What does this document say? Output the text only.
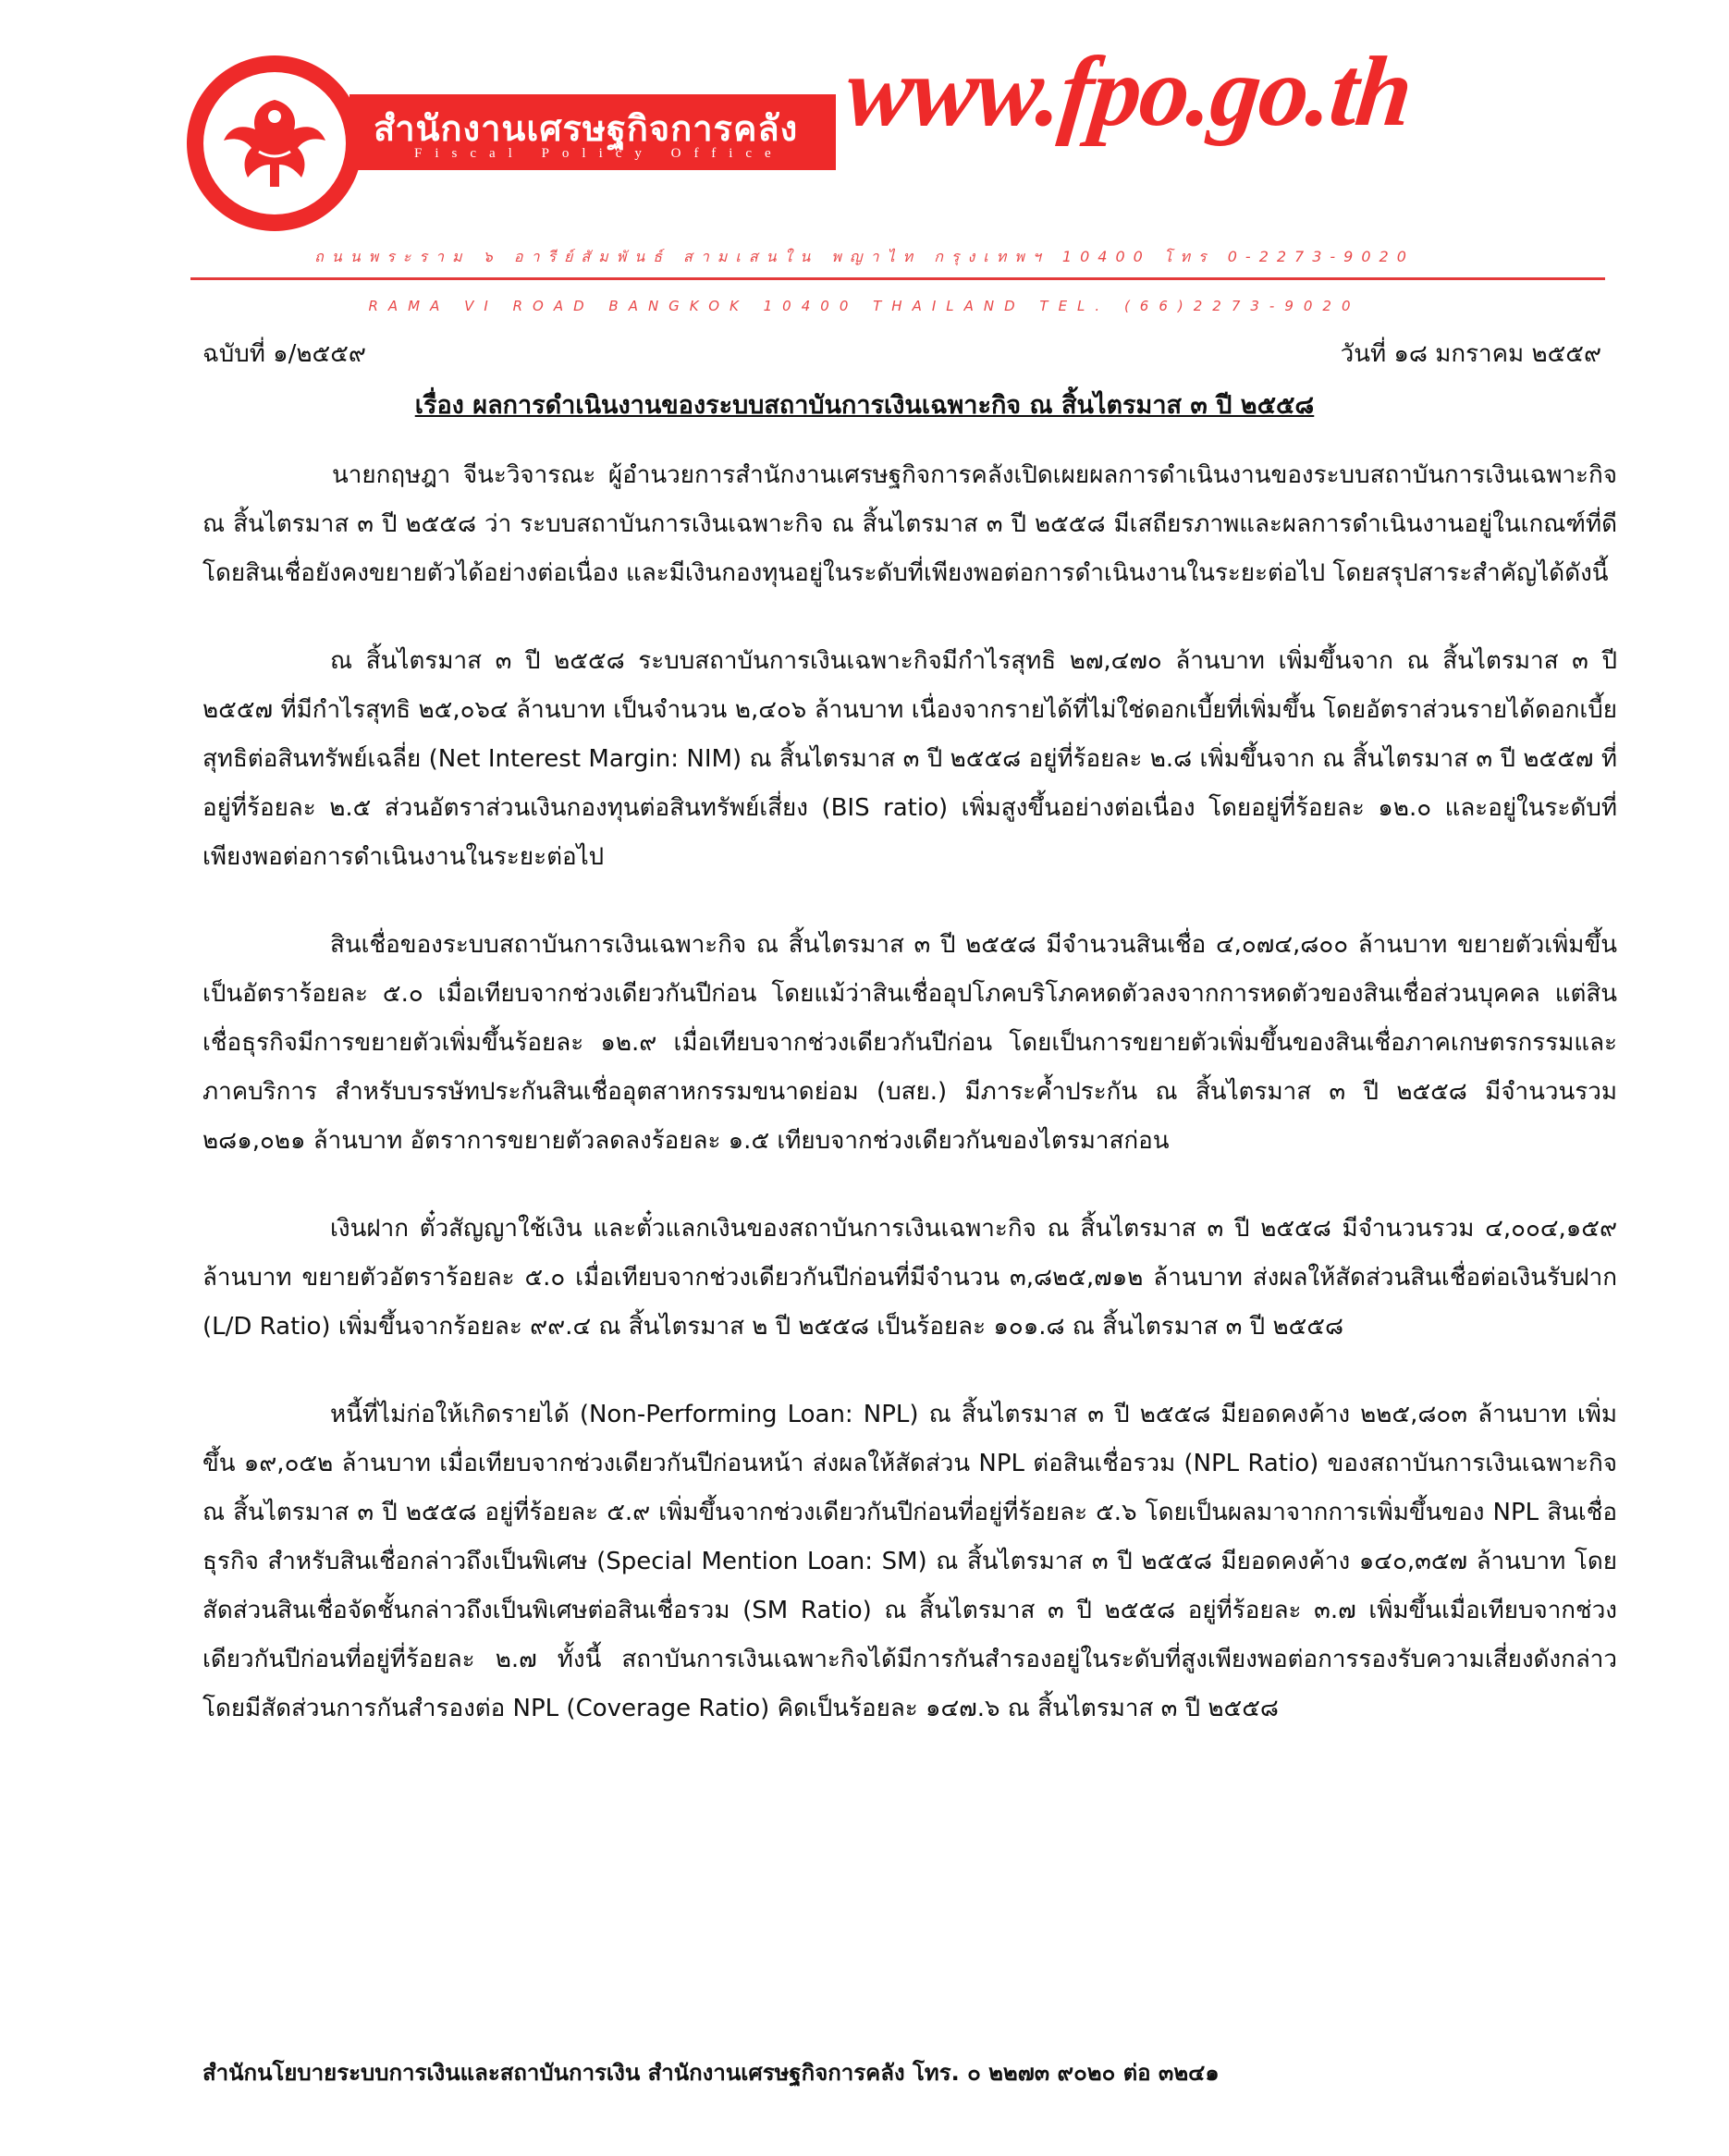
สำนักงานเศรษฐกิจการคลัง
Fiscal Policy Office
www.fpo.go.th
ถนนพระราม ๖ อารีย์สัมพันธ์ สามเสนใน พญาไท กรุงเทพฯ 10400 โทร 0-2273-9020
RAMA VI ROAD BANGKOK 10400 THAILAND TEL. (66)2273-9020
ฉบับที่ ๑/๒๕๕๙	วันที่ ๑๘ มกราคม ๒๕๕๙
เรื่อง ผลการดำเนินงานของระบบสถาบันการเงินเฉพาะกิจ ณ สิ้นไตรมาส ๓ ปี ๒๕๕๘

นายกฤษฎา จีนะวิจารณะ ผู้อำนวยการสำนักงานเศรษฐกิจการคลังเปิดเผยผลการดำเนินงานของระบบสถาบันการเงินเฉพาะกิจ ณ สิ้นไตรมาส ๓ ปี ๒๕๕๘ ว่า ระบบสถาบันการเงินเฉพาะกิจ ณ สิ้นไตรมาส ๓ ปี ๒๕๕๘ มีเสถียรภาพและผลการดำเนินงานอยู่ในเกณฑ์ที่ดี โดยสินเชื่อยังคงขยายตัวได้อย่างต่อเนื่อง และมีเงินกองทุนอยู่ในระดับที่เพียงพอต่อการดำเนินงานในระยะต่อไป โดยสรุปสาระสำคัญได้ดังนี้

ณ สิ้นไตรมาส ๓ ปี ๒๕๕๘ ระบบสถาบันการเงินเฉพาะกิจมีกำไรสุทธิ ๒๗,๔๗๐ ล้านบาท เพิ่มขึ้นจาก ณ สิ้นไตรมาส ๓ ปี ๒๕๕๗ ที่มีกำไรสุทธิ ๒๕,๐๖๔ ล้านบาท เป็นจำนวน ๒,๔๐๖ ล้านบาท เนื่องจากรายได้ที่ไม่ใช่ดอกเบี้ยที่เพิ่มขึ้น โดยอัตราส่วนรายได้ดอกเบี้ยสุทธิต่อสินทรัพย์เฉลี่ย (Net Interest Margin: NIM) ณ สิ้นไตรมาส ๓ ปี ๒๕๕๘ อยู่ที่ร้อยละ ๒.๘ เพิ่มขึ้นจาก ณ สิ้นไตรมาส ๓ ปี ๒๕๕๗ ที่อยู่ที่ร้อยละ ๒.๕ ส่วนอัตราส่วนเงินกองทุนต่อสินทรัพย์เสี่ยง (BIS ratio) เพิ่มสูงขึ้นอย่างต่อเนื่อง โดยอยู่ที่ร้อยละ ๑๒.๐ และอยู่ในระดับที่เพียงพอต่อการดำเนินงานในระยะต่อไป

สินเชื่อของระบบสถาบันการเงินเฉพาะกิจ ณ สิ้นไตรมาส ๓ ปี ๒๕๕๘ มีจำนวนสินเชื่อ ๔,๐๗๔,๘๐๐ ล้านบาท ขยายตัวเพิ่มขึ้นเป็นอัตราร้อยละ ๕.๐ เมื่อเทียบจากช่วงเดียวกันปีก่อน โดยแม้ว่าสินเชื่ออุปโภคบริโภคหดตัวลงจากการหดตัวของสินเชื่อส่วนบุคคล แต่สินเชื่อธุรกิจมีการขยายตัวเพิ่มขึ้นร้อยละ ๑๒.๙ เมื่อเทียบจากช่วงเดียวกันปีก่อน โดยเป็นการขยายตัวเพิ่มขึ้นของสินเชื่อภาคเกษตรกรรมและภาคบริการ สำหรับบรรษัทประกันสินเชื่ออุตสาหกรรมขนาดย่อม (บสย.) มีภาระค้ำประกัน ณ สิ้นไตรมาส ๓ ปี ๒๕๕๘ มีจำนวนรวม ๒๘๑,๐๒๑ ล้านบาท อัตราการขยายตัวลดลงร้อยละ ๑.๕ เทียบจากช่วงเดียวกันของไตรมาสก่อน

เงินฝาก ตั๋วสัญญาใช้เงิน และตั๋วแลกเงินของสถาบันการเงินเฉพาะกิจ ณ สิ้นไตรมาส ๓ ปี ๒๕๕๘ มีจำนวนรวม ๔,๐๐๔,๑๕๙ ล้านบาท ขยายตัวอัตราร้อยละ ๕.๐ เมื่อเทียบจากช่วงเดียวกันปีก่อนที่มีจำนวน ๓,๘๒๕,๗๑๒ ล้านบาท ส่งผลให้สัดส่วนสินเชื่อต่อเงินรับฝาก (L/D Ratio) เพิ่มขึ้นจากร้อยละ ๙๙.๔ ณ สิ้นไตรมาส ๒ ปี ๒๕๕๘ เป็นร้อยละ ๑๐๑.๘ ณ สิ้นไตรมาส ๓ ปี ๒๕๕๘

หนี้ที่ไม่ก่อให้เกิดรายได้ (Non-Performing Loan: NPL) ณ สิ้นไตรมาส ๓ ปี ๒๕๕๘ มียอดคงค้าง ๒๒๕,๘๐๓ ล้านบาท เพิ่มขึ้น ๑๙,๐๕๒ ล้านบาท เมื่อเทียบจากช่วงเดียวกันปีก่อนหน้า ส่งผลให้สัดส่วน NPL ต่อสินเชื่อรวม (NPL Ratio) ของสถาบันการเงินเฉพาะกิจ ณ สิ้นไตรมาส ๓ ปี ๒๕๕๘ อยู่ที่ร้อยละ ๕.๙ เพิ่มขึ้นจากช่วงเดียวกันปีก่อนที่อยู่ที่ร้อยละ ๕.๖ โดยเป็นผลมาจากการเพิ่มขึ้นของ NPL สินเชื่อธุรกิจ สำหรับสินเชื่อกล่าวถึงเป็นพิเศษ (Special Mention Loan: SM) ณ สิ้นไตรมาส ๓ ปี ๒๕๕๘ มียอดคงค้าง ๑๔๐,๓๕๗ ล้านบาท โดยสัดส่วนสินเชื่อจัดชั้นกล่าวถึงเป็นพิเศษต่อสินเชื่อรวม (SM Ratio) ณ สิ้นไตรมาส ๓ ปี ๒๕๕๘ อยู่ที่ร้อยละ ๓.๗ เพิ่มขึ้นเมื่อเทียบจากช่วงเดียวกันปีก่อนที่อยู่ที่ร้อยละ ๒.๗ ทั้งนี้ สถาบันการเงินเฉพาะกิจได้มีการกันสำรองอยู่ในระดับที่สูงเพียงพอต่อการรองรับความเสี่ยงดังกล่าว โดยมีสัดส่วนการกันสำรองต่อ NPL (Coverage Ratio) คิดเป็นร้อยละ ๑๔๗.๖ ณ สิ้นไตรมาส ๓ ปี ๒๕๕๘

สำนักนโยบายระบบการเงินและสถาบันการเงิน สำนักงานเศรษฐกิจการคลัง โทร. ๐ ๒๒๗๓ ๙๐๒๐ ต่อ ๓๒๔๑
